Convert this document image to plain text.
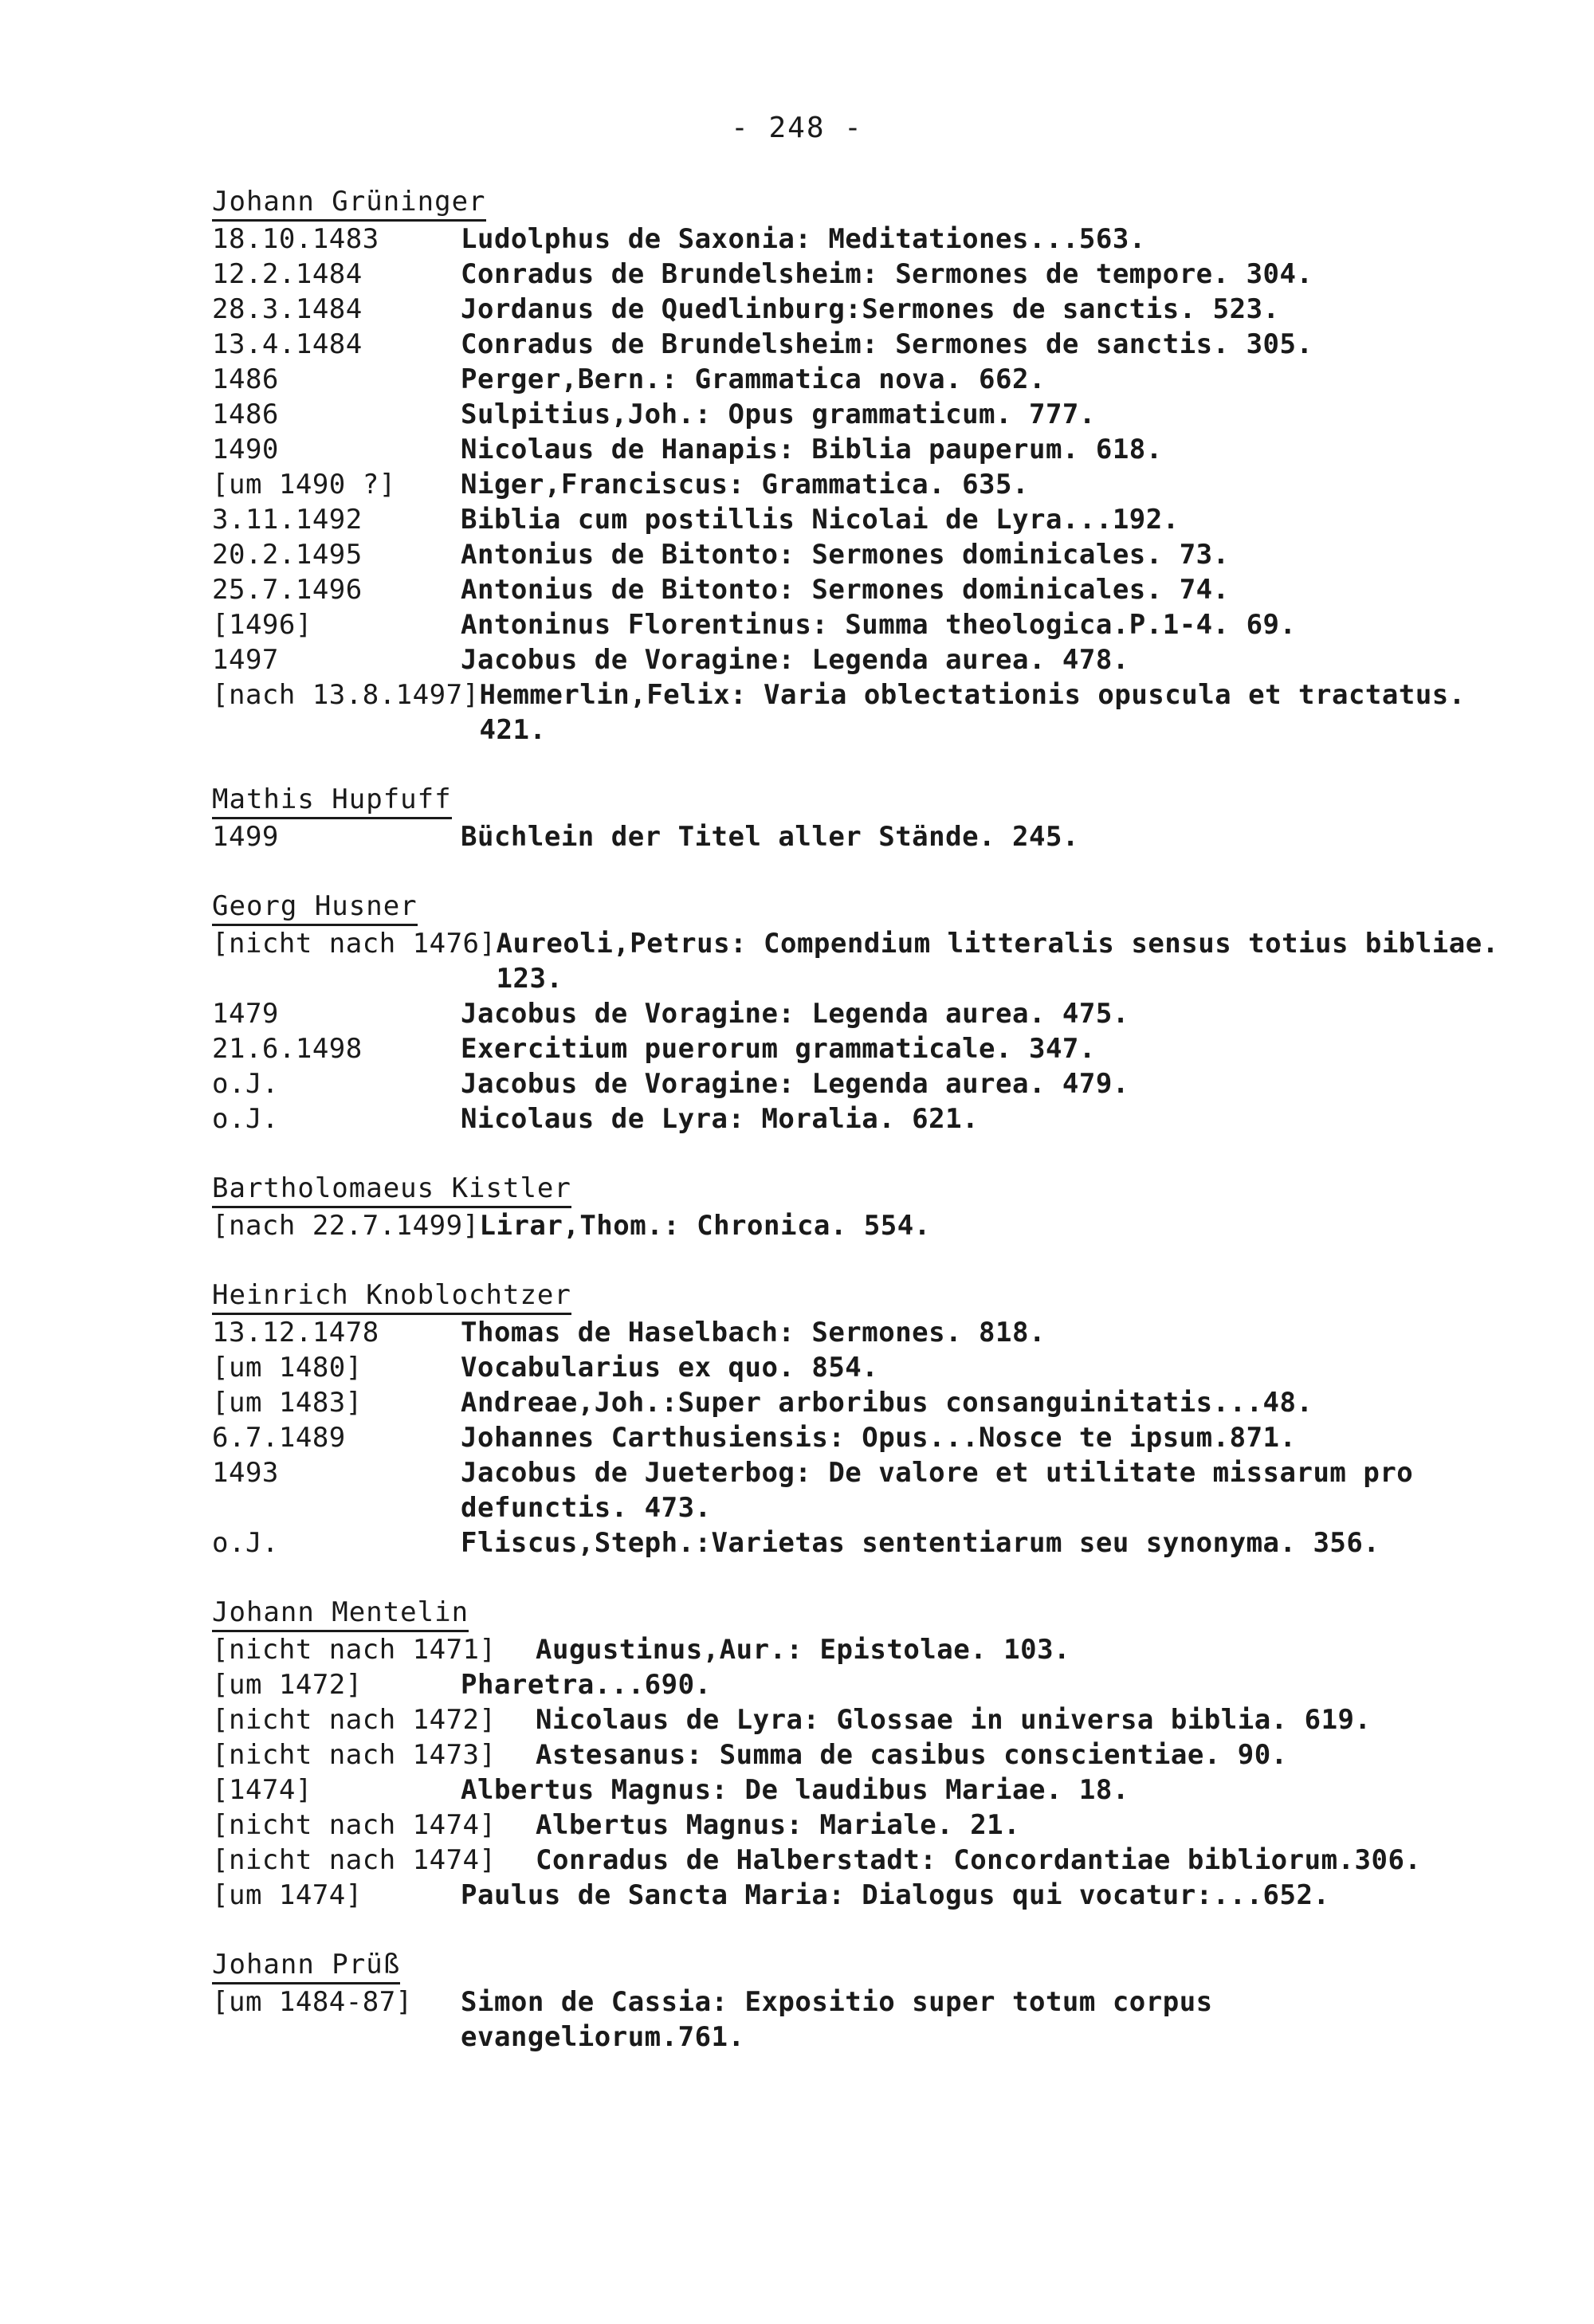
- 248 -
Johann Grüninger
18.10.1483	Ludolphus de Saxonia: Meditationes...563.
12.2.1484	Conradus de Brundelsheim: Sermones de tempore. 304.
28.3.1484	Jordanus de Quedlinburg:Sermones de sanctis. 523.
13.4.1484	Conradus de Brundelsheim: Sermones de sanctis. 305.
1486	Perger,Bern.: Grammatica nova. 662.
1486	Sulpitius,Joh.: Opus grammaticum. 777.
1490	Nicolaus de Hanapis: Biblia pauperum. 618.
[um 1490 ?]	Niger,Franciscus: Grammatica. 635.
3.11.1492	Biblia cum postillis Nicolai de Lyra...192.
20.2.1495	Antonius de Bitonto: Sermones dominicales. 73.
25.7.1496	Antonius de Bitonto: Sermones dominicales. 74.
[1496]	Antoninus Florentinus: Summa theologica.P.1-4. 69.
1497	Jacobus de Voragine: Legenda aurea. 478.
[nach 13.8.1497] Hemmerlin,Felix: Varia oblectationis opuscula et tractatus. 421.
Mathis Hupfuff
1499	Büchlein der Titel aller Stände. 245.
Georg Husner
[nicht nach 1476] Aureoli,Petrus: Compendium litteralis sensus totius bibliae. 123.
1479	Jacobus de Voragine: Legenda aurea. 475.
21.6.1498	Exercitium puerorum grammaticale. 347.
o.J.	Jacobus de Voragine: Legenda aurea. 479.
o.J.	Nicolaus de Lyra: Moralia. 621.
Bartholomaeus Kistler
[nach 22.7.1499] Lirar,Thom.: Chronica. 554.
Heinrich Knoblochtzer
13.12.1478	Thomas de Haselbach: Sermones. 818.
[um 1480]	Vocabularius ex quo. 854.
[um 1483]	Andreae,Joh.:Super arboribus consanguinitatis...48.
6.7.1489	Johannes Carthusiensis: Opus...Nosce te ipsum.871.
1493	Jacobus de Jueterbog: De valore et utilitate missarum pro defunctis. 473.
o.J.	Fliscus,Steph.:Varietas sententiarum seu synonyma. 356.
Johann Mentelin
[nicht nach 1471]	Augustinus,Aur.: Epistolae. 103.
[um 1472]	Pharetra...690.
[nicht nach 1472]	Nicolaus de Lyra: Glossae in universa biblia. 619.
[nicht nach 1473]	Astesanus: Summa de casibus conscientiae. 90.
[1474]	Albertus Magnus: De laudibus Mariae. 18.
[nicht nach 1474]	Albertus Magnus: Mariale. 21.
[nicht nach 1474]	Conradus de Halberstadt: Concordantiae bibliorum.306.
[um 1474]	Paulus de Sancta Maria: Dialogus qui vocatur:...652.
Johann Prüß
[um 1484-87]	Simon de Cassia: Expositio super totum corpus evangeliorum.761.
